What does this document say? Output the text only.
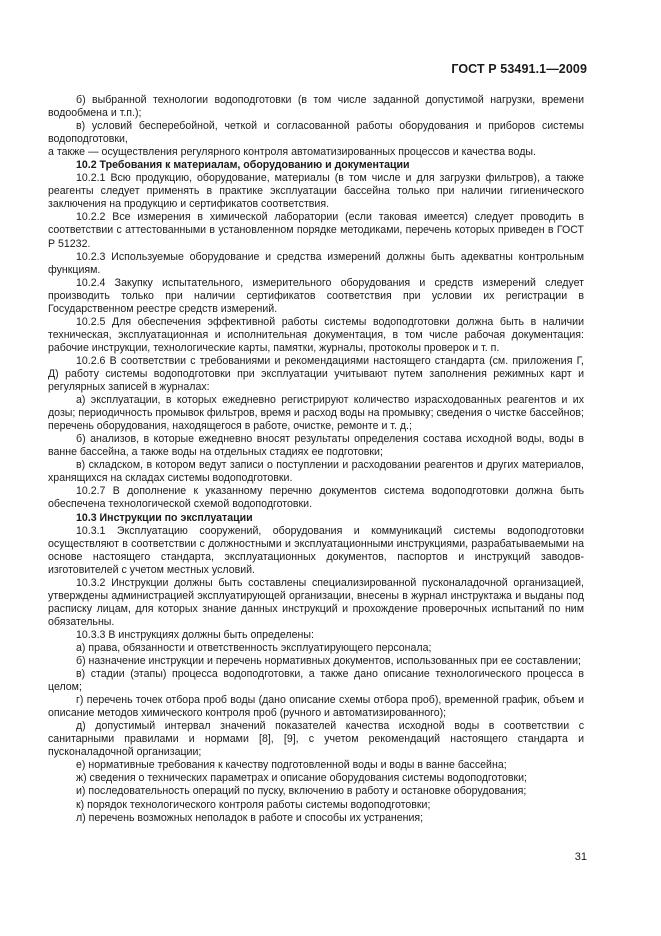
ГОСТ Р 53491.1—2009

б) выбранной технологии водоподготовки (в том числе заданной допустимой нагрузки, времени водообмена и т.п.);

в) условий бесперебойной, четкой и согласованной работы оборудования и приборов системы водоподготовки,

а также — осуществления регулярного контроля автоматизированных процессов и качества воды.

10.2 Требования к материалам, оборудованию и документации

10.2.1 Всю продукцию, оборудование, материалы (в том числе и для загрузки фильтров), а также реагенты следует применять в практике эксплуатации бассейна только при наличии гигиенического заключения на продукцию и сертификатов соответствия.

10.2.2 Все измерения в химической лаборатории (если таковая имеется) следует проводить в соответствии с аттестованными в установленном порядке методиками, перечень которых приведен в ГОСТ Р 51232.

10.2.3 Используемые оборудование и средства измерений должны быть адекватны контрольным функциям.

10.2.4 Закупку испытательного, измерительного оборудования и средств измерений следует производить только при наличии сертификатов соответствия при условии их регистрации в Государственном реестре средств измерений.

10.2.5 Для обеспечения эффективной работы системы водоподготовки должна быть в наличии техническая, эксплуатационная и исполнительная документация, в том числе рабочая документация: рабочие инструкции, технологические карты, памятки, журналы, протоколы проверок и т. п.

10.2.6 В соответствии с требованиями и рекомендациями настоящего стандарта (см. приложения Г, Д) работу системы водоподготовки при эксплуатации учитывают путем заполнения режимных карт и регулярных записей в журналах:

а) эксплуатации, в которых ежедневно регистрируют количество израсходованных реагентов и их дозы; периодичность промывок фильтров, время и расход воды на промывку; сведения о чистке бассейнов; перечень оборудования, находящегося в работе, очистке, ремонте и т. д.;

б) анализов, в которые ежедневно вносят результаты определения состава исходной воды, воды в ванне бассейна, а также воды на отдельных стадиях ее подготовки;

в) складском, в котором ведут записи о поступлении и расходовании реагентов и других материалов, хранящихся на складах системы водоподготовки.

10.2.7 В дополнение к указанному перечню документов система водоподготовки должна быть обеспечена технологической схемой водоподготовки.

10.3 Инструкции по эксплуатации

10.3.1 Эксплуатацию сооружений, оборудования и коммуникаций системы водоподготовки осуществляют в соответствии с должностными и эксплуатационными инструкциями, разрабатываемыми на основе настоящего стандарта, эксплуатационных документов, паспортов и инструкций заводов-изготовителей с учетом местных условий.

10.3.2 Инструкции должны быть составлены специализированной пусконаладочной организацией, утверждены администрацией эксплуатирующей организации, внесены в журнал инструктажа и выданы под расписку лицам, для которых знание данных инструкций и прохождение проверочных испытаний по ним обязательны.

10.3.3 В инструкциях должны быть определены:

а) права, обязанности и ответственность эксплуатирующего персонала;

б) назначение инструкции и перечень нормативных документов, использованных при ее составлении;

в) стадии (этапы) процесса водоподготовки, а также дано описание технологического процесса в целом;

г) перечень точек отбора проб воды (дано описание схемы отбора проб), временной график, объем и описание методов химического контроля проб (ручного и автоматизированного);

д) допустимый интервал значений показателей качества исходной воды в соответствии с санитарными правилами и нормами [8], [9], с учетом рекомендаций настоящего стандарта и пусконаладочной организации;

е) нормативные требования к качеству подготовленной воды и воды в ванне бассейна;

ж) сведения о технических параметрах и описание оборудования системы водоподготовки;

и) последовательность операций по пуску, включению в работу и остановке оборудования;

к) порядок технологического контроля работы системы водоподготовки;

л) перечень возможных неполадок в работе и способы их устранения;

31
